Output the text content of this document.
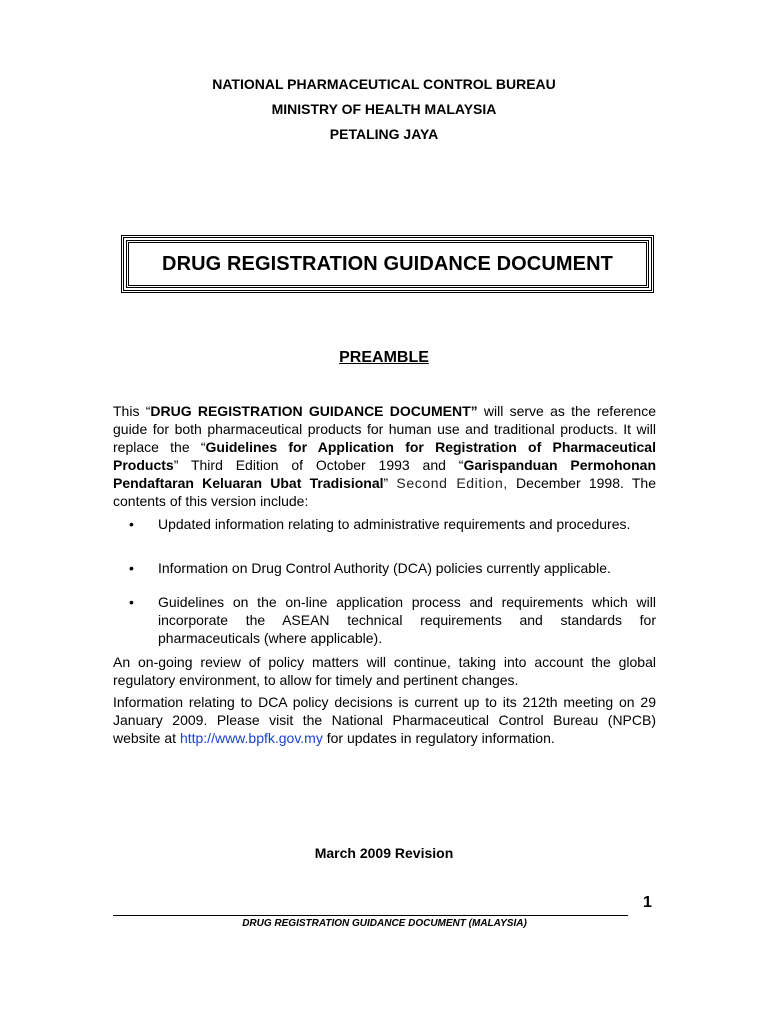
NATIONAL PHARMACEUTICAL CONTROL BUREAU
MINISTRY OF HEALTH MALAYSIA
PETALING JAYA
DRUG REGISTRATION GUIDANCE DOCUMENT
PREAMBLE
This “DRUG REGISTRATION GUIDANCE DOCUMENT” will serve as the reference guide for both pharmaceutical products for human use and traditional products. It will replace the “Guidelines for Application for Registration of Pharmaceutical Products” Third Edition of October 1993 and “Garispanduan Permohonan Pendaftaran Keluaran Ubat Tradisional” Second Edition, December 1998. The contents of this version include:
• Updated information relating to administrative requirements and procedures.
• Information on Drug Control Authority (DCA) policies currently applicable.
• Guidelines on the on-line application process and requirements which will incorporate the ASEAN technical requirements and standards for pharmaceuticals (where applicable).
An on-going review of policy matters will continue, taking into account the global regulatory environment, to allow for timely and pertinent changes.
Information relating to DCA policy decisions is current up to its 212th meeting on 29 January 2009. Please visit the National Pharmaceutical Control Bureau (NPCB) website at http://www.bpfk.gov.my for updates in regulatory information.
March 2009 Revision
1
DRUG REGISTRATION GUIDANCE DOCUMENT (MALAYSIA)
